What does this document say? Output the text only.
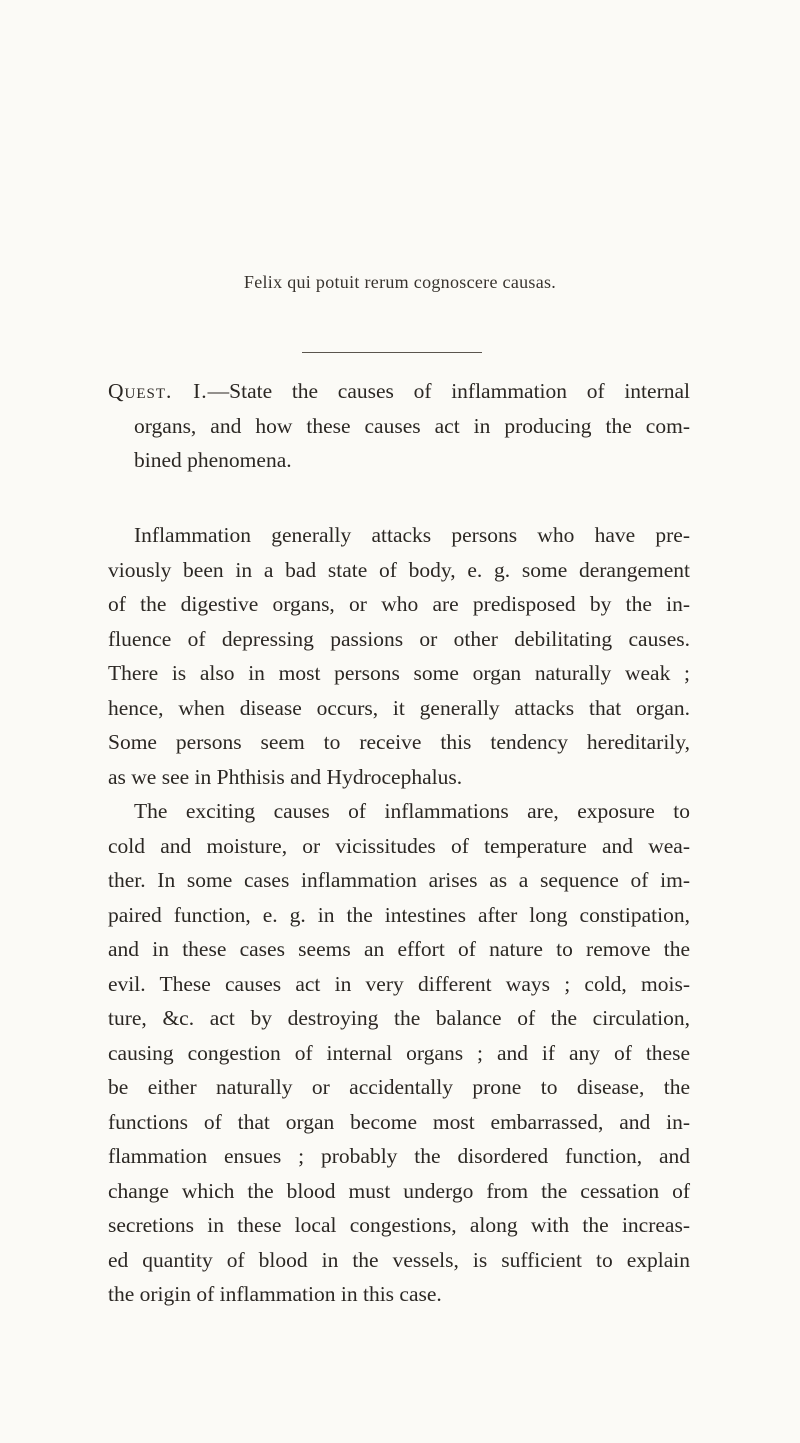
Felix qui potuit rerum cognoscere causas.
Quest. I.—State the causes of inflammation of internal
organs, and how these causes act in producing the com-
bined phenomena.
Inflammation generally attacks persons who have pre-
viously been in a bad state of body, e. g. some derangement
of the digestive organs, or who are predisposed by the in-
fluence of depressing passions or other debilitating causes.
There is also in most persons some organ naturally weak ;
hence, when disease occurs, it generally attacks that organ.
Some persons seem to receive this tendency hereditarily,
as we see in Phthisis and Hydrocephalus.
The exciting causes of inflammations are, exposure to
cold and moisture, or vicissitudes of temperature and wea-
ther. In some cases inflammation arises as a sequence of im-
paired function, e. g. in the intestines after long constipation,
and in these cases seems an effort of nature to remove the
evil. These causes act in very different ways ; cold, mois-
ture, &c. act by destroying the balance of the circulation,
causing congestion of internal organs ; and if any of these
be either naturally or accidentally prone to disease, the
functions of that organ become most embarrassed, and in-
flammation ensues ; probably the disordered function, and
change which the blood must undergo from the cessation of
secretions in these local congestions, along with the increas-
ed quantity of blood in the vessels, is sufficient to explain
the origin of inflammation in this case.
